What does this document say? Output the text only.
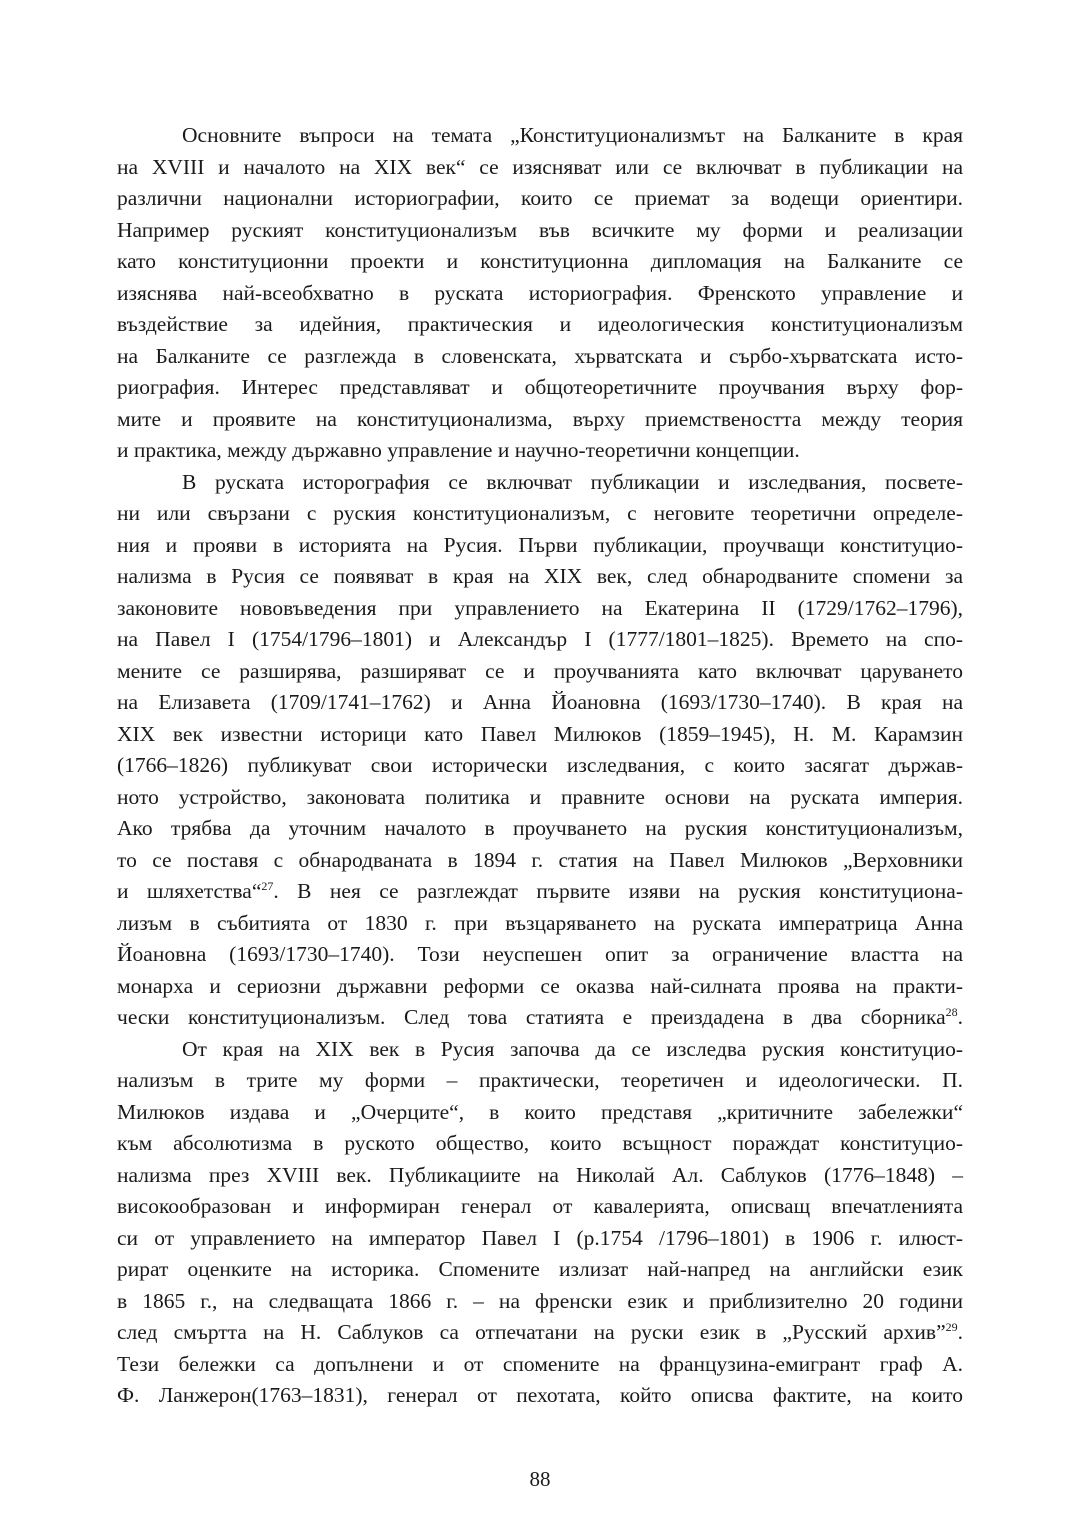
Основните въпроси на темата „Конституционализмът на Балканите в края
на XVIII и началото на XIX век“ се изясняват или се включват в публикации на
различни национални историографии, които се приемат за водещи ориентири.
Например руският конституционализъм във всичките му форми и реализации
като конституционни проекти и конституционна дипломация на Балканите се
изяснява най-всеобхватно в руската историография. Френското управление и
въздействие за идейния, практическия и идеологическия конституционализъм
на Балканите се разглежда в словенската, хърватската и сърбо-хърватската исто-
риография. Интерес представляват и общотеоретичните проучвания върху фор-
мите и проявите на конституционализма, върху приемствеността между теория
и практика, между държавно управление и научно-теоретични концепции.
В руската истoрография се включват публикации и изследвания, посвете-
ни или свързани с руския конституционализъм, с неговите теоретични определе-
ния и прояви в историята на Русия. Първи публикации, проучващи конституцио-
нализма в Русия се появяват в края на XIX век, след обнародваните спомени за
законовите нововъведения при управлението на Екатерина II (1729/1762–1796),
на Павел I (1754/1796–1801) и Александър I (1777/1801–1825). Времето на спо-
мените се разширява, разширяват се и проучванията като включват царуването
на Елизавета (1709/1741–1762) и Анна Йоановна (1693/1730–1740). В края на
XIX век известни историци като Павел Милюков (1859–1945), Н. М. Карамзин
(1766–1826) публикуват свои исторически изследвания, с които засягат държав-
ното устройство, законовата политика и правните основи на руската империя.
Ако трябва да уточним началото в проучването на руския конституционализъм,
то се поставя с обнародваната в 1894 г. статия на Павел Милюков „Верховники
и шляхетства“$^{27}$. В нея се разглеждат първите изяви на руския конституциона-
лизъм в събитията от 1830 г. при възцаряването на руската императрица Анна
Йоановна (1693/1730–1740). Този неуспешен опит за ограничение властта на
монарха и сериозни държавни реформи се оказва най-силната проява на практи-
чески конституционализъм. След това статията е преиздадена в два сборника$^{28}$.
От края на XIX век в Русия започва да се изследва руския конституцио-
нализъм в трите му форми – практически, теоретичен и идеологически. П.
Милюков издава и „Очерците“, в които представя „критичните забележки“
към абсолютизма в руското общество, които всъщност пораждат конституцио-
нализма през XVIII век. Публикациите на Николай Ал. Саблуков (1776–1848) –
високообразован и информиран генерал от кавалерията, описващ впечатленията
си от управлението на император Павел I (р.1754 /1796–1801) в 1906 г. илюст-
рират оценките на историка. Спомените излизат най-напред на английски език
в 1865 г., на следващата 1866 г. – на френски език и приблизително 20 години
след смъртта на Н. Саблуков са отпечатани на руски език в „Русский архив”$^{29}$.
Тези бележки са допълнени и от спомените на французина-емигрант граф А.
Ф. Ланжерон(1763–1831), генерал от пехотата, който описва фактите, на които
88
